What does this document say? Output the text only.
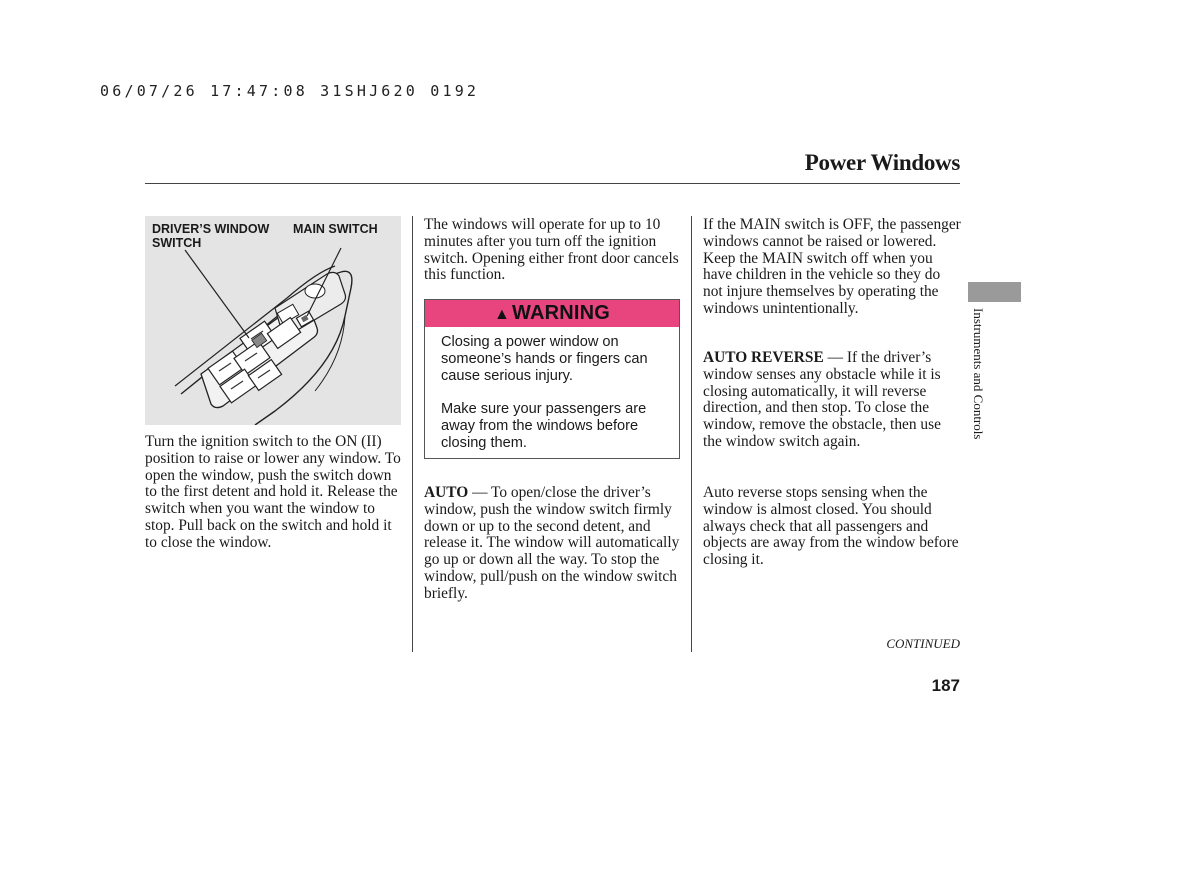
06/07/26 17:47:08 31SHJ620 0192
Power Windows
DRIVER’S WINDOW
SWITCH
MAIN SWITCH

Turn the ignition switch to the ON (II) position to raise or lower any window. To open the window, push the switch down to the first detent and hold it. Release the switch when you want the window to stop. Pull back on the switch and hold it to close the window.

The windows will operate for up to 10 minutes after you turn off the ignition switch. Opening either front door cancels this function.

▲ WARNING

Closing a power window on someone’s hands or fingers can cause serious injury.

Make sure your passengers are away from the windows before closing them.

AUTO — To open/close the driver’s window, push the window switch firmly down or up to the second detent, and release it. The window will automatically go up or down all the way. To stop the window, pull/push on the window switch briefly.

If the MAIN switch is OFF, the passenger windows cannot be raised or lowered. Keep the MAIN switch off when you have children in the vehicle so they do not injure themselves by operating the windows unintentionally.

AUTO REVERSE — If the driver’s window senses any obstacle while it is closing automatically, it will reverse direction, and then stop. To close the window, remove the obstacle, then use the window switch again.

Auto reverse stops sensing when the window is almost closed. You should always check that all passengers and objects are away from the window before closing it.

Instruments and Controls
CONTINUED
187
